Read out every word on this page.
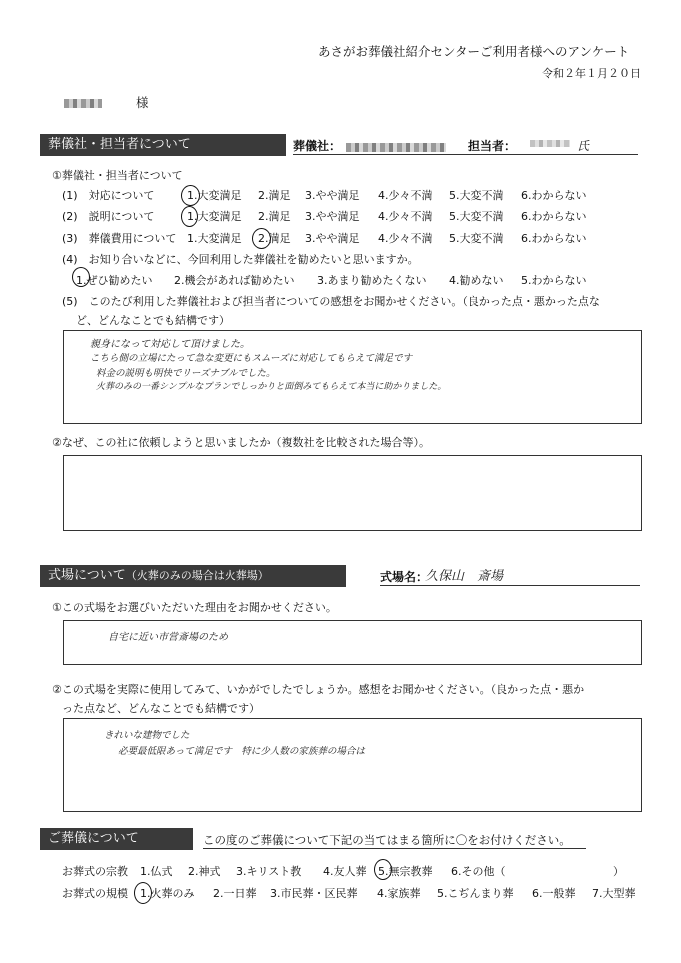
あさがお葬儀社紹介センターご利用者様へのアンケート
令和２年１月２０日
様
葬儀社・担当者について	葬儀社：	担当者：	氏
①葬儀社・担当者について
(1)　対応について	1.大変満足 2.満足 3.やや満足 4.少々不満 5.大変不満 6.わからない
(2)　説明について	1.大変満足 2.満足 3.やや満足 4.少々不満 5.大変不満 6.わからない
(3)　葬儀費用について 1.大変満足 2.満足 3.やや満足 4.少々不満 5.大変不満 6.わからない
(4)　お知り合いなどに、今回利用した葬儀社を勧めたいと思いますか。
1.ぜひ勧めたい 2.機会があれば勧めたい 3.あまり勧めたくない 4.勧めない 5.わからない
(5)　このたび利用した葬儀社および担当者についての感想をお聞かせください。（良かった点・悪かった点な
ど、どんなことでも結構です）
親身になって対応して頂けました。
こちら側の立場にたって急な変更にもスムーズに対応してもらえて満足です
料金の説明も明快でリーズナブルでした。
火葬のみの一番シンプルなプランでしっかりと面倒みてもらえて本当に助かりました。
②なぜ、この社に依頼しようと思いましたか（複数社を比較された場合等）。
式場について（火葬のみの場合は火葬場）	式場名：
久保山　斎場
①この式場をお選びいただいた理由をお聞かせください。
自宅に近い市営斎場のため
②この式場を実際に使用してみて、いかがでしたでしょうか。感想をお聞かせください。（良かった点・悪か
った点など、どんなことでも結構です）
きれいな建物でした
必要最低限あって満足です　特に少人数の家族葬の場合は
ご葬儀について	この度のご葬儀について下記の当てはまる箇所に〇をお付けください。
お葬式の宗教 1.仏式 2.神式 3.キリスト教 4.友人葬 5.無宗教葬 6.その他（	）
お葬式の規模 1.火葬のみ 2.一日葬 3.市民葬・区民葬 4.家族葬 5.こぢんまり葬 6.一般葬 7.大型葬
